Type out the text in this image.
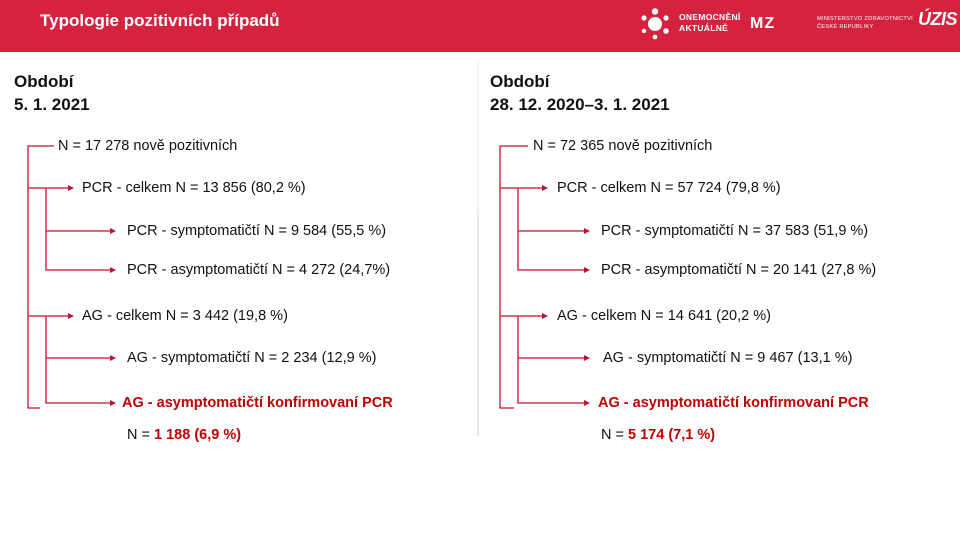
Typologie pozitivních případů	ONEMOCNĚNÍ
AKTUÁLNĚ	MZ	MINISTERSTVO ZDRAVOTNICTVÍ
ČESKÉ REPUBLIKY	ÚZIS
Období
5. 1. 2021
N = 17 278 nově pozitivních
PCR - celkem N = 13 856 (80,2 %)
PCR - symptomatičtí N = 9 584 (55,5 %)
PCR - asymptomatičtí N = 4 272 (24,7%)
AG - celkem N = 3 442 (19,8 %)
AG - symptomatičtí N = 2 234 (12,9 %)
AG - asymptomatičtí konfirmovaní PCR
N = 1 188 (6,9 %)
Období
28. 12. 2020–3. 1. 2021
N = 72 365 nově pozitivních
PCR - celkem N = 57 724 (79,8 %)
PCR - symptomatičtí N = 37 583 (51,9 %)
PCR - asymptomatičtí N = 20 141 (27,8 %)
AG - celkem N = 14 641 (20,2 %)
AG - symptomatičtí N = 9 467 (13,1 %)
AG - asymptomatičtí konfirmovaní PCR
N = 5 174 (7,1 %)
